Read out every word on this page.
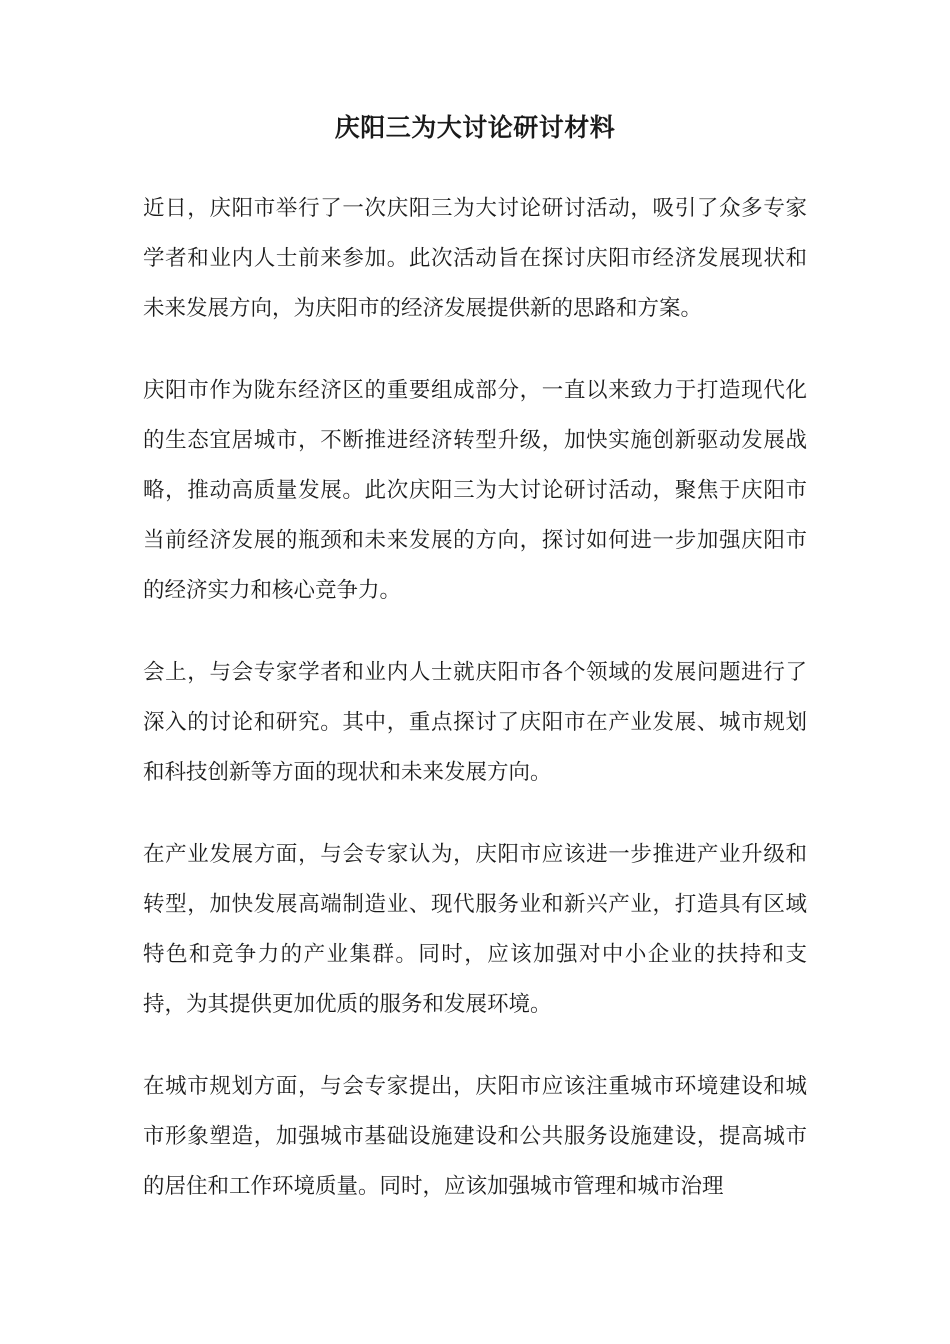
庆阳三为大讨论研讨材料

近日，庆阳市举行了一次庆阳三为大讨论研讨活动，吸引了众多专家学者和业内人士前来参加。此次活动旨在探讨庆阳市经济发展现状和未来发展方向，为庆阳市的经济发展提供新的思路和方案。

庆阳市作为陇东经济区的重要组成部分，一直以来致力于打造现代化的生态宜居城市，不断推进经济转型升级，加快实施创新驱动发展战略，推动高质量发展。此次庆阳三为大讨论研讨活动，聚焦于庆阳市当前经济发展的瓶颈和未来发展的方向，探讨如何进一步加强庆阳市的经济实力和核心竞争力。

会上，与会专家学者和业内人士就庆阳市各个领域的发展问题进行了深入的讨论和研究。其中，重点探讨了庆阳市在产业发展、城市规划和科技创新等方面的现状和未来发展方向。

在产业发展方面，与会专家认为，庆阳市应该进一步推进产业升级和转型，加快发展高端制造业、现代服务业和新兴产业，打造具有区域特色和竞争力的产业集群。同时，应该加强对中小企业的扶持和支持，为其提供更加优质的服务和发展环境。

在城市规划方面，与会专家提出，庆阳市应该注重城市环境建设和城市形象塑造，加强城市基础设施建设和公共服务设施建设，提高城市的居住和工作环境质量。同时，应该加强城市管理和城市治理
